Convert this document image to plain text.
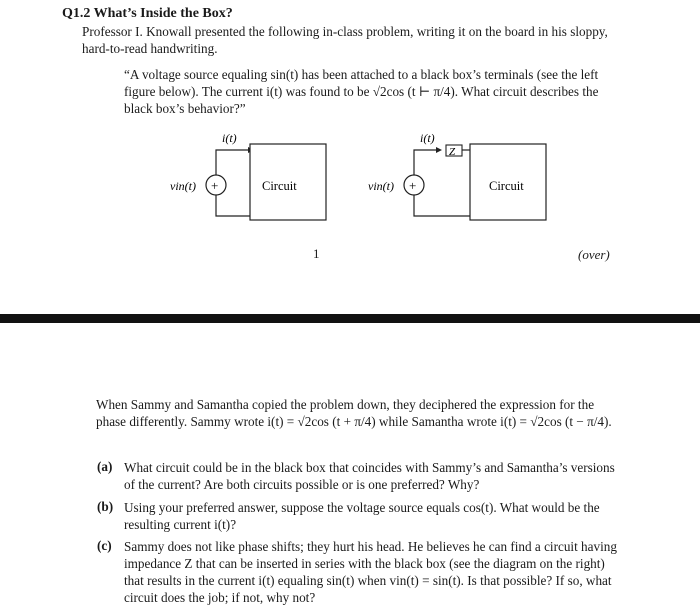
Q1.2 What’s Inside the Box?
Professor I. Knowall presented the following in-class problem, writing it on the board in his sloppy, hard-to-read handwriting.
“A voltage source equaling sin(t) has been attached to a black box’s terminals (see the left figure below). The current i(t) was found to be √2cos (t ⊢ π/4). What circuit describes the black box’s behavior?”
i(t)
+
vin(t)	Circuit
i(t)
Z
+
vin(t)	Circuit
1	(over)
When Sammy and Samantha copied the problem down, they deciphered the expression for the phase differently. Sammy wrote i(t) = √2cos (t + π/4) while Samantha wrote i(t) = √2cos (t − π/4).
(a) What circuit could be in the black box that coincides with Sammy’s and Samantha’s versions of the current? Are both circuits possible or is one preferred? Why?
(b) Using your preferred answer, suppose the voltage source equals cos(t). What would be the resulting current i(t)?
(c) Sammy does not like phase shifts; they hurt his head. He believes he can find a circuit having impedance Z that can be inserted in series with the black box (see the diagram on the right) that results in the current i(t) equaling sin(t) when vin(t) = sin(t). Is that possible? If so, what circuit does the job; if not, why not?
